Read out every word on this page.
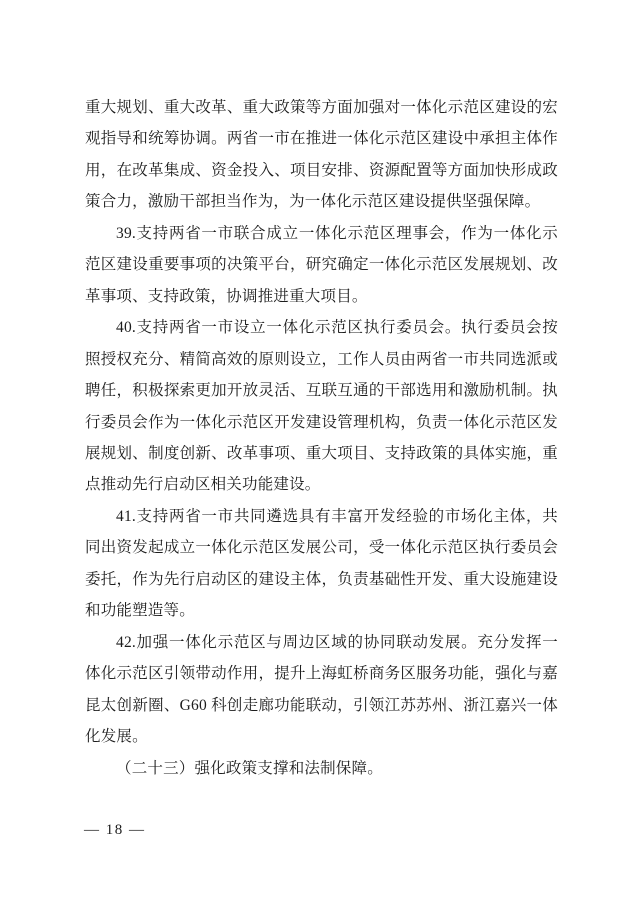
重大规划、重大改革、重大政策等方面加强对一体化示范区建设的宏观指导和统筹协调。两省一市在推进一体化示范区建设中承担主体作用，在改革集成、资金投入、项目安排、资源配置等方面加快形成政策合力，激励干部担当作为，为一体化示范区建设提供坚强保障。

39.支持两省一市联合成立一体化示范区理事会，作为一体化示范区建设重要事项的决策平台，研究确定一体化示范区发展规划、改革事项、支持政策，协调推进重大项目。

40.支持两省一市设立一体化示范区执行委员会。执行委员会按照授权充分、精简高效的原则设立，工作人员由两省一市共同选派或聘任，积极探索更加开放灵活、互联互通的干部选用和激励机制。执行委员会作为一体化示范区开发建设管理机构，负责一体化示范区发展规划、制度创新、改革事项、重大项目、支持政策的具体实施，重点推动先行启动区相关功能建设。

41.支持两省一市共同遴选具有丰富开发经验的市场化主体，共同出资发起成立一体化示范区发展公司，受一体化示范区执行委员会委托，作为先行启动区的建设主体，负责基础性开发、重大设施建设和功能塑造等。

42.加强一体化示范区与周边区域的协同联动发展。充分发挥一体化示范区引领带动作用，提升上海虹桥商务区服务功能，强化与嘉昆太创新圈、G60 科创走廊功能联动，引领江苏苏州、浙江嘉兴一体化发展。

（二十三）强化政策支撑和法制保障。

— 18 —
